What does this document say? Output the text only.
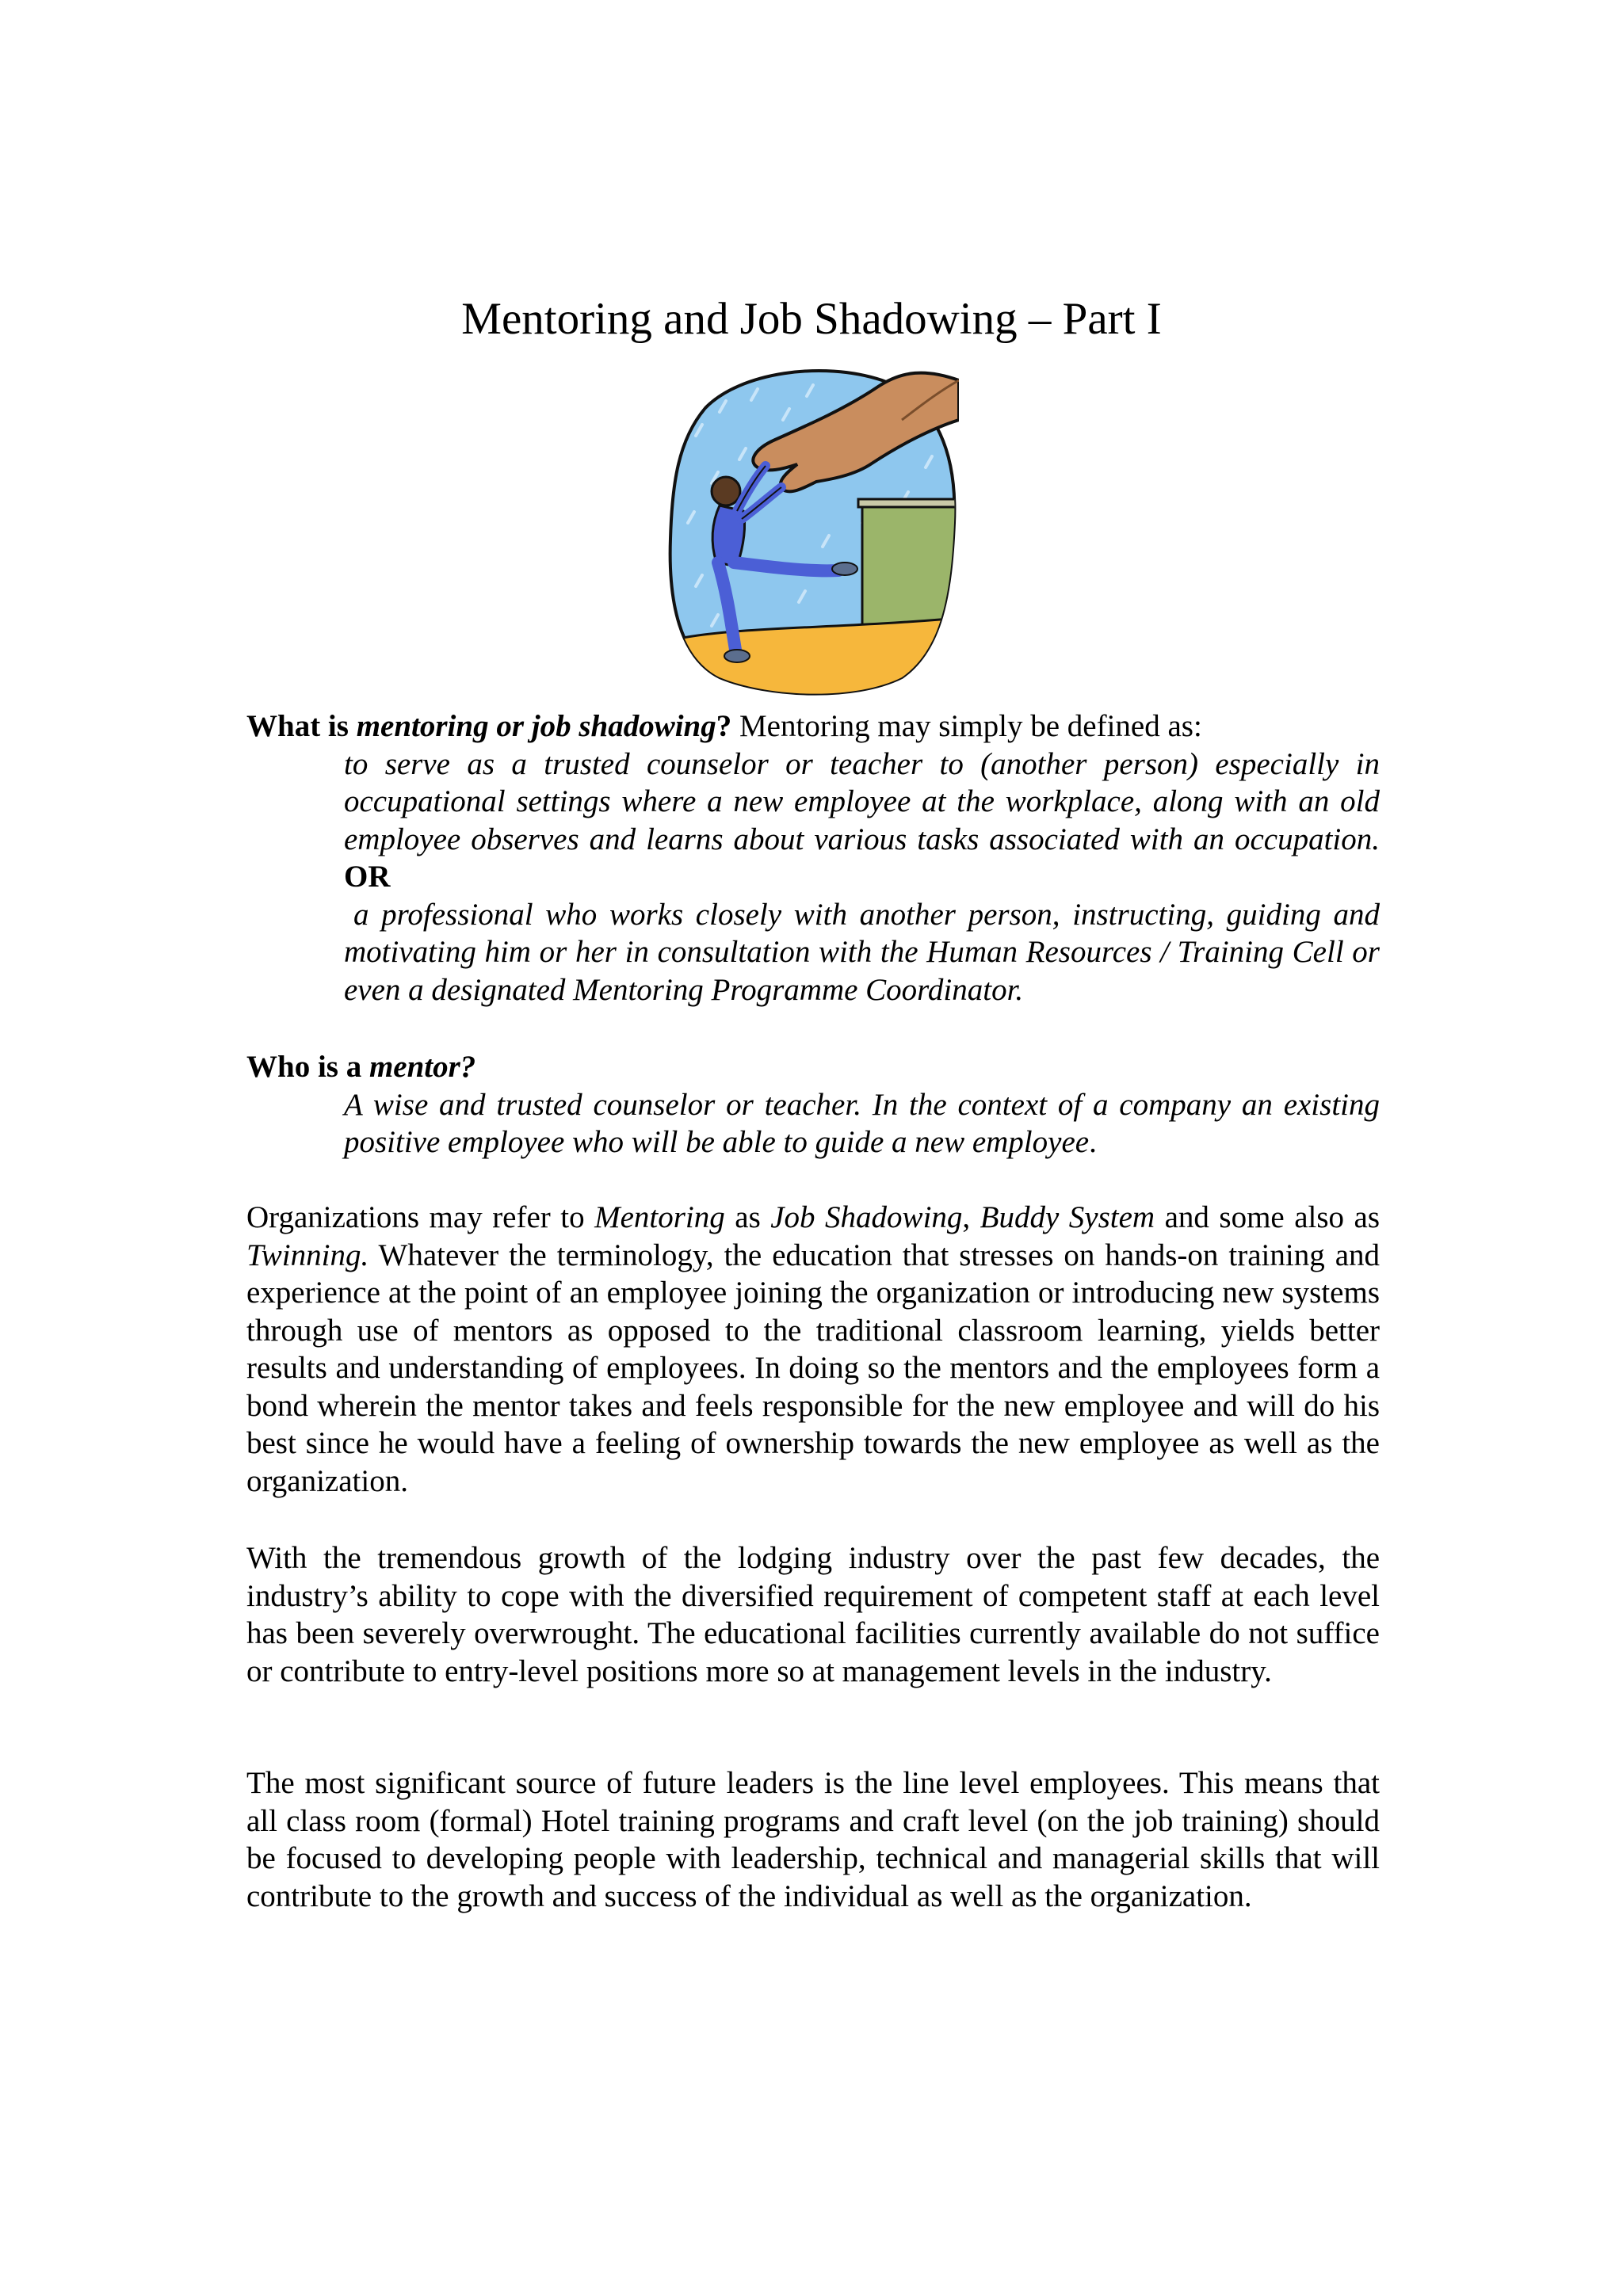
Mentoring and Job Shadowing – Part I

What is mentoring or job shadowing? Mentoring may simply be defined as:

to serve as a trusted counselor or teacher to (another person) especially in occupational settings where a new employee at the workplace, along with an old employee observes and learns about various tasks associated with an occupation. OR

a professional who works closely with another person, instructing, guiding and motivating him or her in consultation with the Human Resources / Training Cell or even a designated Mentoring Programme Coordinator.

Who is a mentor?

A wise and trusted counselor or teacher. In the context of a company an existing positive employee who will be able to guide a new employee.

Organizations may refer to Mentoring as Job Shadowing, Buddy System and some also as Twinning. Whatever the terminology, the education that stresses on hands-on training and experience at the point of an employee joining the organization or introducing new systems through use of mentors as opposed to the traditional classroom learning, yields better results and understanding of employees. In doing so the mentors and the employees form a bond wherein the mentor takes and feels responsible for the new employee and will do his best since he would have a feeling of ownership towards the new employee as well as the organization.

With the tremendous growth of the lodging industry over the past few decades, the industry’s ability to cope with the diversified requirement of competent staff at each level has been severely overwrought. The educational facilities currently available do not suffice or contribute to entry-level positions more so at management levels in the industry.

The most significant source of future leaders is the line level employees. This means that all class room (formal) Hotel training programs and craft level (on the job training) should be focused to developing people with leadership, technical and managerial skills that will contribute to the growth and success of the individual as well as the organization.
